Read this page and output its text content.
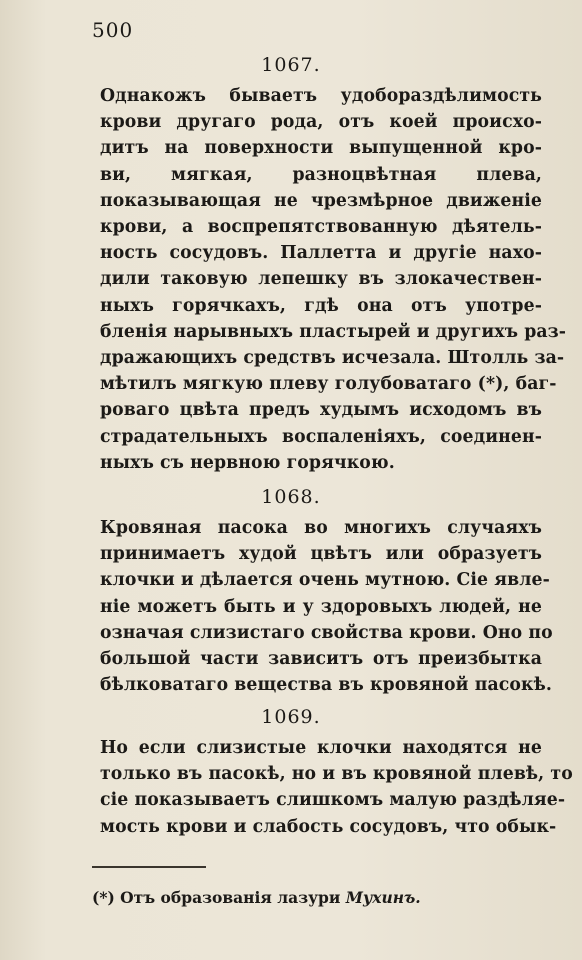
500
1067.
Однакожъ бываетъ удобораздѣлимость
крови другаго рода, отъ коей происхо-
дитъ на поверхности выпущенной кро-
ви, мягкая, разноцвѣтная плева,
показывающая не чрезмѣрное движеніе
крови, а воспрепятствованную дѣятель-
ность сосудовъ. Паллетта и другіе нахо-
дили таковую лепешку въ злокачествен-
ныхъ горячкахъ, гдѣ она отъ употре-
бленія нарывныхъ пластырей и другихъ раз-
дражающихъ средствъ исчезала. Штолль за-
мѣтилъ мягкую плеву голубоватаго (*), баг-
роваго цвѣта предъ худымъ исходомъ въ
страдательныхъ воспаленіяхъ, соединен-
ныхъ съ нервною горячкою.
1068.
Кровяная пасока во многихъ случаяхъ
принимаетъ худой цвѣтъ или образуетъ
клочки и дѣлается очень мутною. Сіе явле-
ніе можетъ быть и у здоровыхъ людей, не
означая слизистаго свойства крови. Оно по
большой части зависитъ отъ преизбытка
бѣлковатаго вещества въ кровяной пасокѣ.
1069.
Но если слизистые клочки находятся не
только въ пасокѣ, но и въ кровяной плевѣ, то
сіе показываетъ слишкомъ малую раздѣляе-
мость крови и слабость сосудовъ, что обык-
(*) Отъ образованія лазури Мухинъ.
